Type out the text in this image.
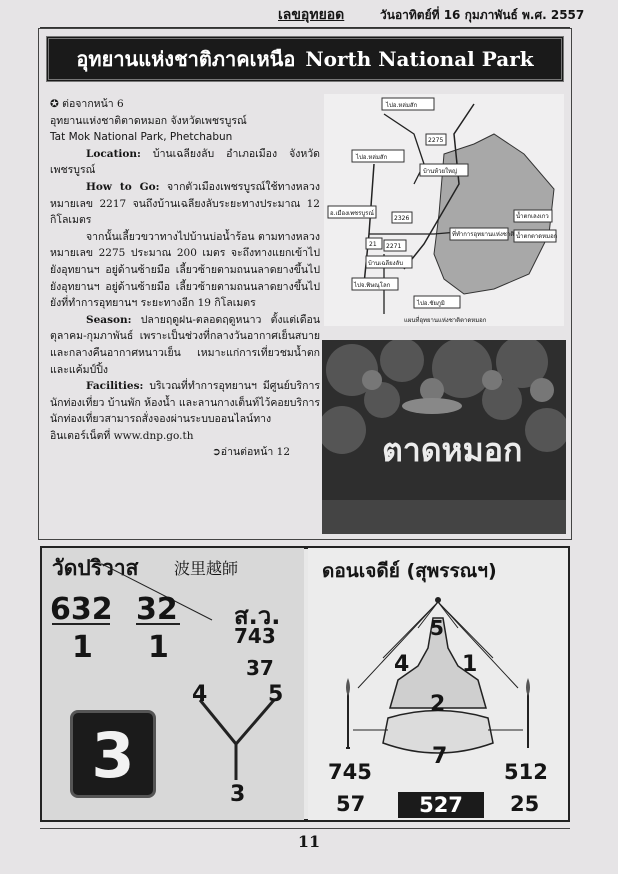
เลขอุทยอด	วันอาทิตย์ที่ 16 กุมภาพันธ์ พ.ศ. 2557
อุทยานแห่งชาติภาคเหนือ North National Park

✪ ต่อจากหน้า 6

อุทยานแห่งชาติตาดหมอก จังหวัดเพชรบูรณ์

Tat Mok National Park, Phetchabun

Location: บ้านเฉลียงลับ อำเภอเมือง จังหวัดเพชรบูรณ์

How to Go: จากตัวเมืองเพชรบูรณ์ใช้ทางหลวงหมายเลข 2217 จนถึงบ้านเฉลียงลับระยะทางประมาณ 12 กิโลเมตร

จากนั้นเลี้ยวขวาทางไปบ้านบ่อน้ำร้อน ตามทางหลวงหมายเลข 2275 ประมาณ 200 เมตร จะถึงทางแยกเข้าไปยังอุทยานฯ อยู่ด้านซ้ายมือ เลี้ยวซ้ายตามถนนลาดยางขึ้นไปยังอุทยานฯ อยู่ด้านซ้ายมือ เลี้ยวซ้ายตามถนนลาดยางขึ้นไปยังที่ทำการอุทยานฯ ระยะทางอีก 19 กิโลเมตร

Season: ปลายฤดูฝน-ตลอดฤดูหนาว ตั้งแต่เดือนตุลาคม-กุมภาพันธ์ เพราะเป็นช่วงที่กลางวันอากาศเย็นสบาย และกลางคืนอากาศหนาวเย็น เหมาะแก่การเที่ยวชมน้ำตก และแค้มป์ปิ้ง

Facilities: บริเวณที่ทำการอุทยานฯ มีศูนย์บริการนักท่องเที่ยว บ้านพัก ห้องน้ำ และลานกางเต็นท์ไว้คอยบริการ นักท่องเที่ยวสามารถสั่งจองผ่านระบบออนไลน์ทางอินเตอร์เน็ตที่ www.dnp.go.th

➲อ่านต่อหน้า 12

ไปอ.หล่มสัก
ไปอ.หล่มสัก
2275
บ้านห้วยใหญ่
อ.เมืองเพชรบูรณ์
2326
21 2271
บ้านเฉลียงลับ
ไปจ.พิษณุโลก
ไปอ.ชัยภูมิ
ที่ทำการอุทยานแห่งชาติ น้ำตกตาดหมอก
น้ำตกเลงเกว
แผนที่อุทยานแห่งชาติตาดหมอก
ตาดหมอก
วัดปริวาส 波里越師
632
1
32
1
ส.ว.
743
37
4	5
3
3
ดอนเจดีย์ (สุพรรณฯ)
5
4 1
2
7
745
57
512
25
527
11
